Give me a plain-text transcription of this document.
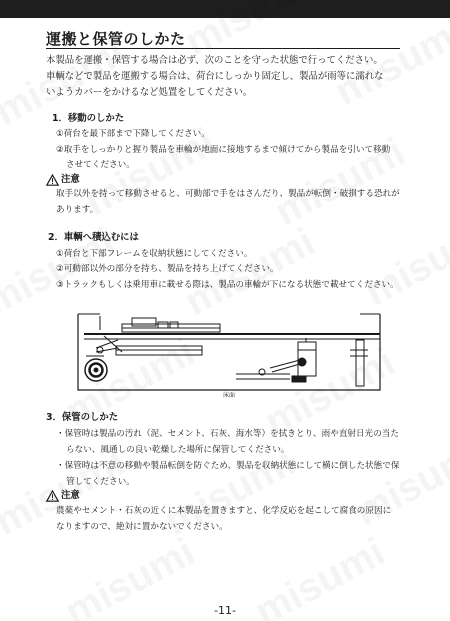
運搬と保管のしかた
本製品を運搬・保管する場合は必ず、次のことを守った状態で行ってください。
車輌などで製品を運搬する場合は、荷台にしっかり固定し、製品が雨等に濡れな
いようカバーをかけるなど処置をしてください。
1．移動のしかた
①荷台を最下部まで下降してください。
②取手をしっかりと握り製品を車輪が地面に接地するまで傾けてから製品を引いて移動
させてください。
注意
取手以外を持って移動させると、可動部で手をはさんだり、製品が転倒・破損する恐れが
あります。
2．車輌へ積込むには
①荷台と下部フレームを収納状態にしてください。
②可動部以外の部分を持ち、製品を持ち上げてください。
③トラックもしくは乗用車に載せる際は、製品の車輪が下になる状態で載せてください。
床面
3．保管のしかた
・保管時は製品の汚れ（泥、セメント、石灰、海水等）を拭きとり、雨や直射日光の当た
らない、風通しの良い乾燥した場所に保管してください。
・保管時は不意の移動や製品転倒を防ぐため、製品を収納状態にして横に倒した状態で保
管してください。
注意
農薬やセメント・石灰の近くに本製品を置きますと、化学反応を起こして腐食の原因に
なりますので、絶対に置かないでください。
-11-
